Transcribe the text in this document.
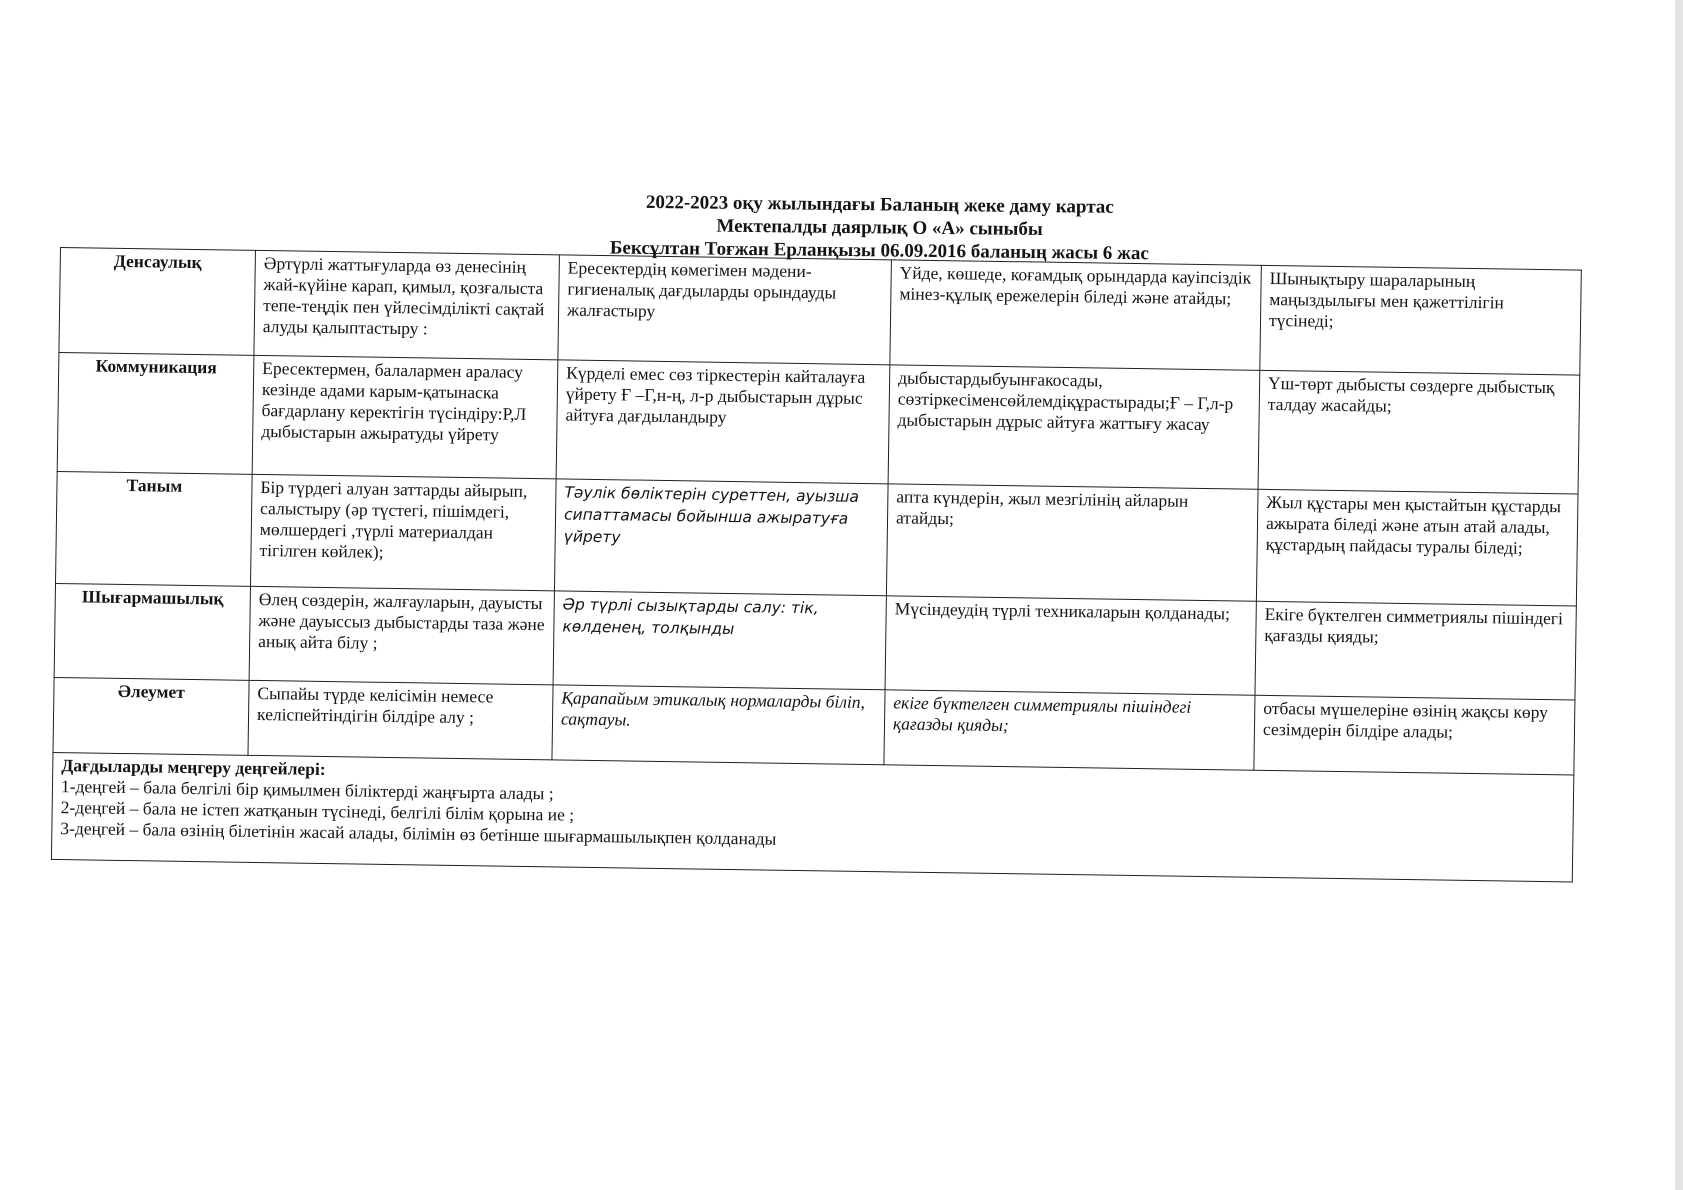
2022-2023 оқу жылындағы Баланың жеке даму картас
Мектепалды даярлық О «А» сыныбы
Бексұлтан Тоғжан Ерланқызы 06.09.2016 баланың жасы 6 жас
Денсаулық	Әртүрлі жаттығуларда өз денесінің жай-күйіне карап, қимыл, қозғалыста тепе-теңдік пен үйлесімділікті сақтай алуды қалыптастыру :	Ересектердің көмегімен мәдени-гигиеналық дағдыларды орындауды жалғастыру	Үйде, көшеде, коғамдық орындарда кауіпсіздік мінез-құлық ережелерін біледі және атайды;	Шынықтыру шараларының маңыздылығы мен қажеттілігін түсінеді;
Коммуникация	Ересектермен, балалармен араласу кезінде адами карым-қатынаска бағдарлану керектігін түсіндіру:Р,Л дыбыстарын ажыратуды үйрету	Күрделі емес сөз тіркестерін кайталауға үйрету Ғ –Г,н-ң, л-р дыбыстарын дұрыс айтуға дағдыландыру	дыбыстардыбуынғакосады, сөзтіркесіменсөйлемдіқұрастырады;Ғ – Г,л-р дыбыстарын дұрыс айтуға жаттығу жасау	Үш-төрт дыбысты сөздерге дыбыстық талдау жасайды;
Таным	Бір түрдегі алуан заттарды айырып, салыстыру (әр түстегі, пішімдегі, мөлшердегі ,түрлі материалдан тігілген көйлек);	Тәулік бөліктерін суреттен, ауызша сипаттамасы бойынша ажыратуға үйрету	апта күндерін, жыл мезгілінің айларын атайды;	Жыл құстары мен қыстайтын құстарды ажырата біледі және атын атай алады, құстардың пайдасы туралы біледі;
Шығармашылық	Өлең сөздерін, жалғауларын, дауысты және дауыссыз дыбыстарды таза және анық айта білу ;	Әр түрлі сызықтарды салу: тік, көлденең, толқынды	Мүсіндеудің түрлі техникаларын қолданады;	Екіге бүктелген симметриялы пішіндегі қағазды қияды;
Әлеумет	Сыпайы түрде келісімін немесе келіспейтіндігін білдіре алу ;	Қарапайым этикалық нормаларды біліп, сақтауы.	екіге бүктелген симметриялы пішіндегі қағазды қияды;	отбасы мүшелеріне өзінің жақсы көру сезімдерін білдіре алады;

Дағдыларды меңгеру деңгейлері:
1-деңгей – бала белгілі бір қимылмен біліктерді жаңғырта алады ;
2-деңгей – бала не істеп жатқанын түсінеді, белгілі білім қорына ие ;
3-деңгей – бала өзінің білетінін жасай алады, білімін өз бетінше шығармашылықпен қолданады				
